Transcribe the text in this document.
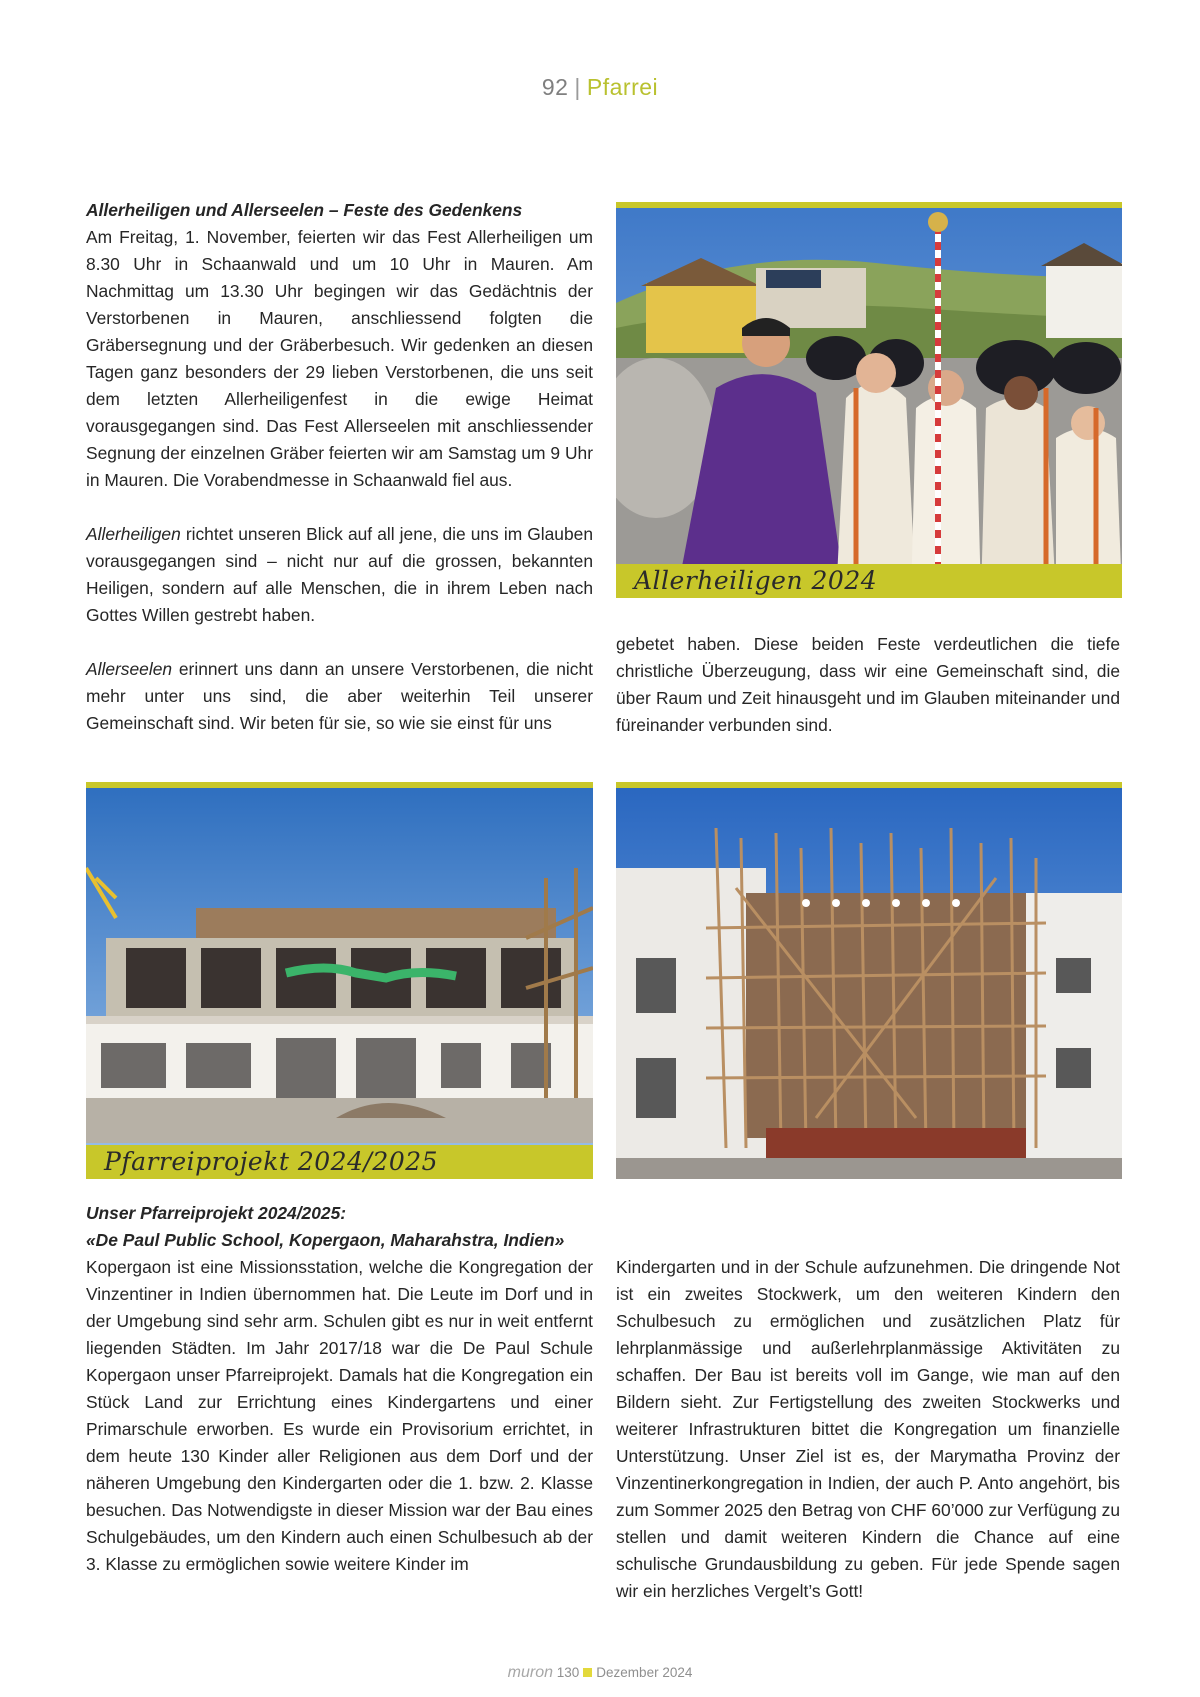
92 | Pfarrei

Allerheiligen und Allerseelen – Feste des Gedenkens

Am Freitag, 1. November, feierten wir das Fest Allerheiligen um 8.30 Uhr in Schaanwald und um 10 Uhr in Mauren. Am Nachmittag um 13.30 Uhr begingen wir das Gedächtnis der Verstorbenen in Mauren, anschliessend folgten die Gräbersegnung und der Gräberbesuch. Wir gedenken an diesen Tagen ganz besonders der 29 lieben Verstorbenen, die uns seit dem letzten Allerheiligenfest in die ewige Heimat vorausgegangen sind. Das Fest Allerseelen mit anschliessender Segnung der einzelnen Gräber feierten wir am Samstag um 9 Uhr in Mauren. Die Vorabendmesse in Schaanwald fiel aus.

Allerheiligen richtet unseren Blick auf all jene, die uns im Glauben vorausgegangen sind – nicht nur auf die grossen, bekannten Heiligen, sondern auf alle Menschen, die in ihrem Leben nach Gottes Willen gestrebt haben.

Allerseelen erinnert uns dann an unsere Verstorbenen, die nicht mehr unter uns sind, die aber weiterhin Teil unserer Gemeinschaft sind. Wir beten für sie, so wie sie einst für uns

Allerheiligen 2024

gebetet haben. Diese beiden Feste verdeutlichen die tiefe christliche Überzeugung, dass wir eine Gemeinschaft sind, die über Raum und Zeit hinausgeht und im Glauben miteinander und füreinander verbunden sind.

Pfarreiprojekt 2024/2025

Unser Pfarreiprojekt 2024/2025:

«De Paul Public School, Kopergaon, Maharahstra, Indien»

Kopergaon ist eine Missionsstation, welche die Kongregation der Vinzentiner in Indien übernommen hat. Die Leute im Dorf und in der Umgebung sind sehr arm. Schulen gibt es nur in weit entfernt liegenden Städten. Im Jahr 2017/18 war die De Paul Schule Kopergaon unser Pfarreiprojekt. Damals hat die Kongregation ein Stück Land zur Errichtung eines Kindergartens und einer Primarschule erworben. Es wurde ein Provisorium errichtet, in dem heute 130 Kinder aller Religionen aus dem Dorf und der näheren Umgebung den Kindergarten oder die 1. bzw. 2. Klasse besuchen. Das Notwendigste in dieser Mission war der Bau eines Schulgebäudes, um den Kindern auch einen Schulbesuch ab der 3. Klasse zu ermöglichen sowie weitere Kinder im

Kindergarten und in der Schule aufzunehmen. Die dringende Not ist ein zweites Stockwerk, um den weiteren Kindern den Schulbesuch zu ermöglichen und zusätzlichen Platz für lehrplanmässige und außerlehrplanmässige Aktivitäten zu schaffen. Der Bau ist bereits voll im Gange, wie man auf den Bildern sieht. Zur Fertigstellung des zweiten Stockwerks und weiterer Infrastrukturen bittet die Kongregation um finanzielle Unterstützung. Unser Ziel ist es, der Marymatha Provinz der Vinzentinerkongregation in Indien, der auch P. Anto angehört, bis zum Sommer 2025 den Betrag von CHF 60’000 zur Verfügung zu stellen und damit weiteren Kindern die Chance auf eine schulische Grundausbildung zu geben. Für jede Spende sagen wir ein herzliches Vergelt’s Gott!

muron 130 Dezember 2024
